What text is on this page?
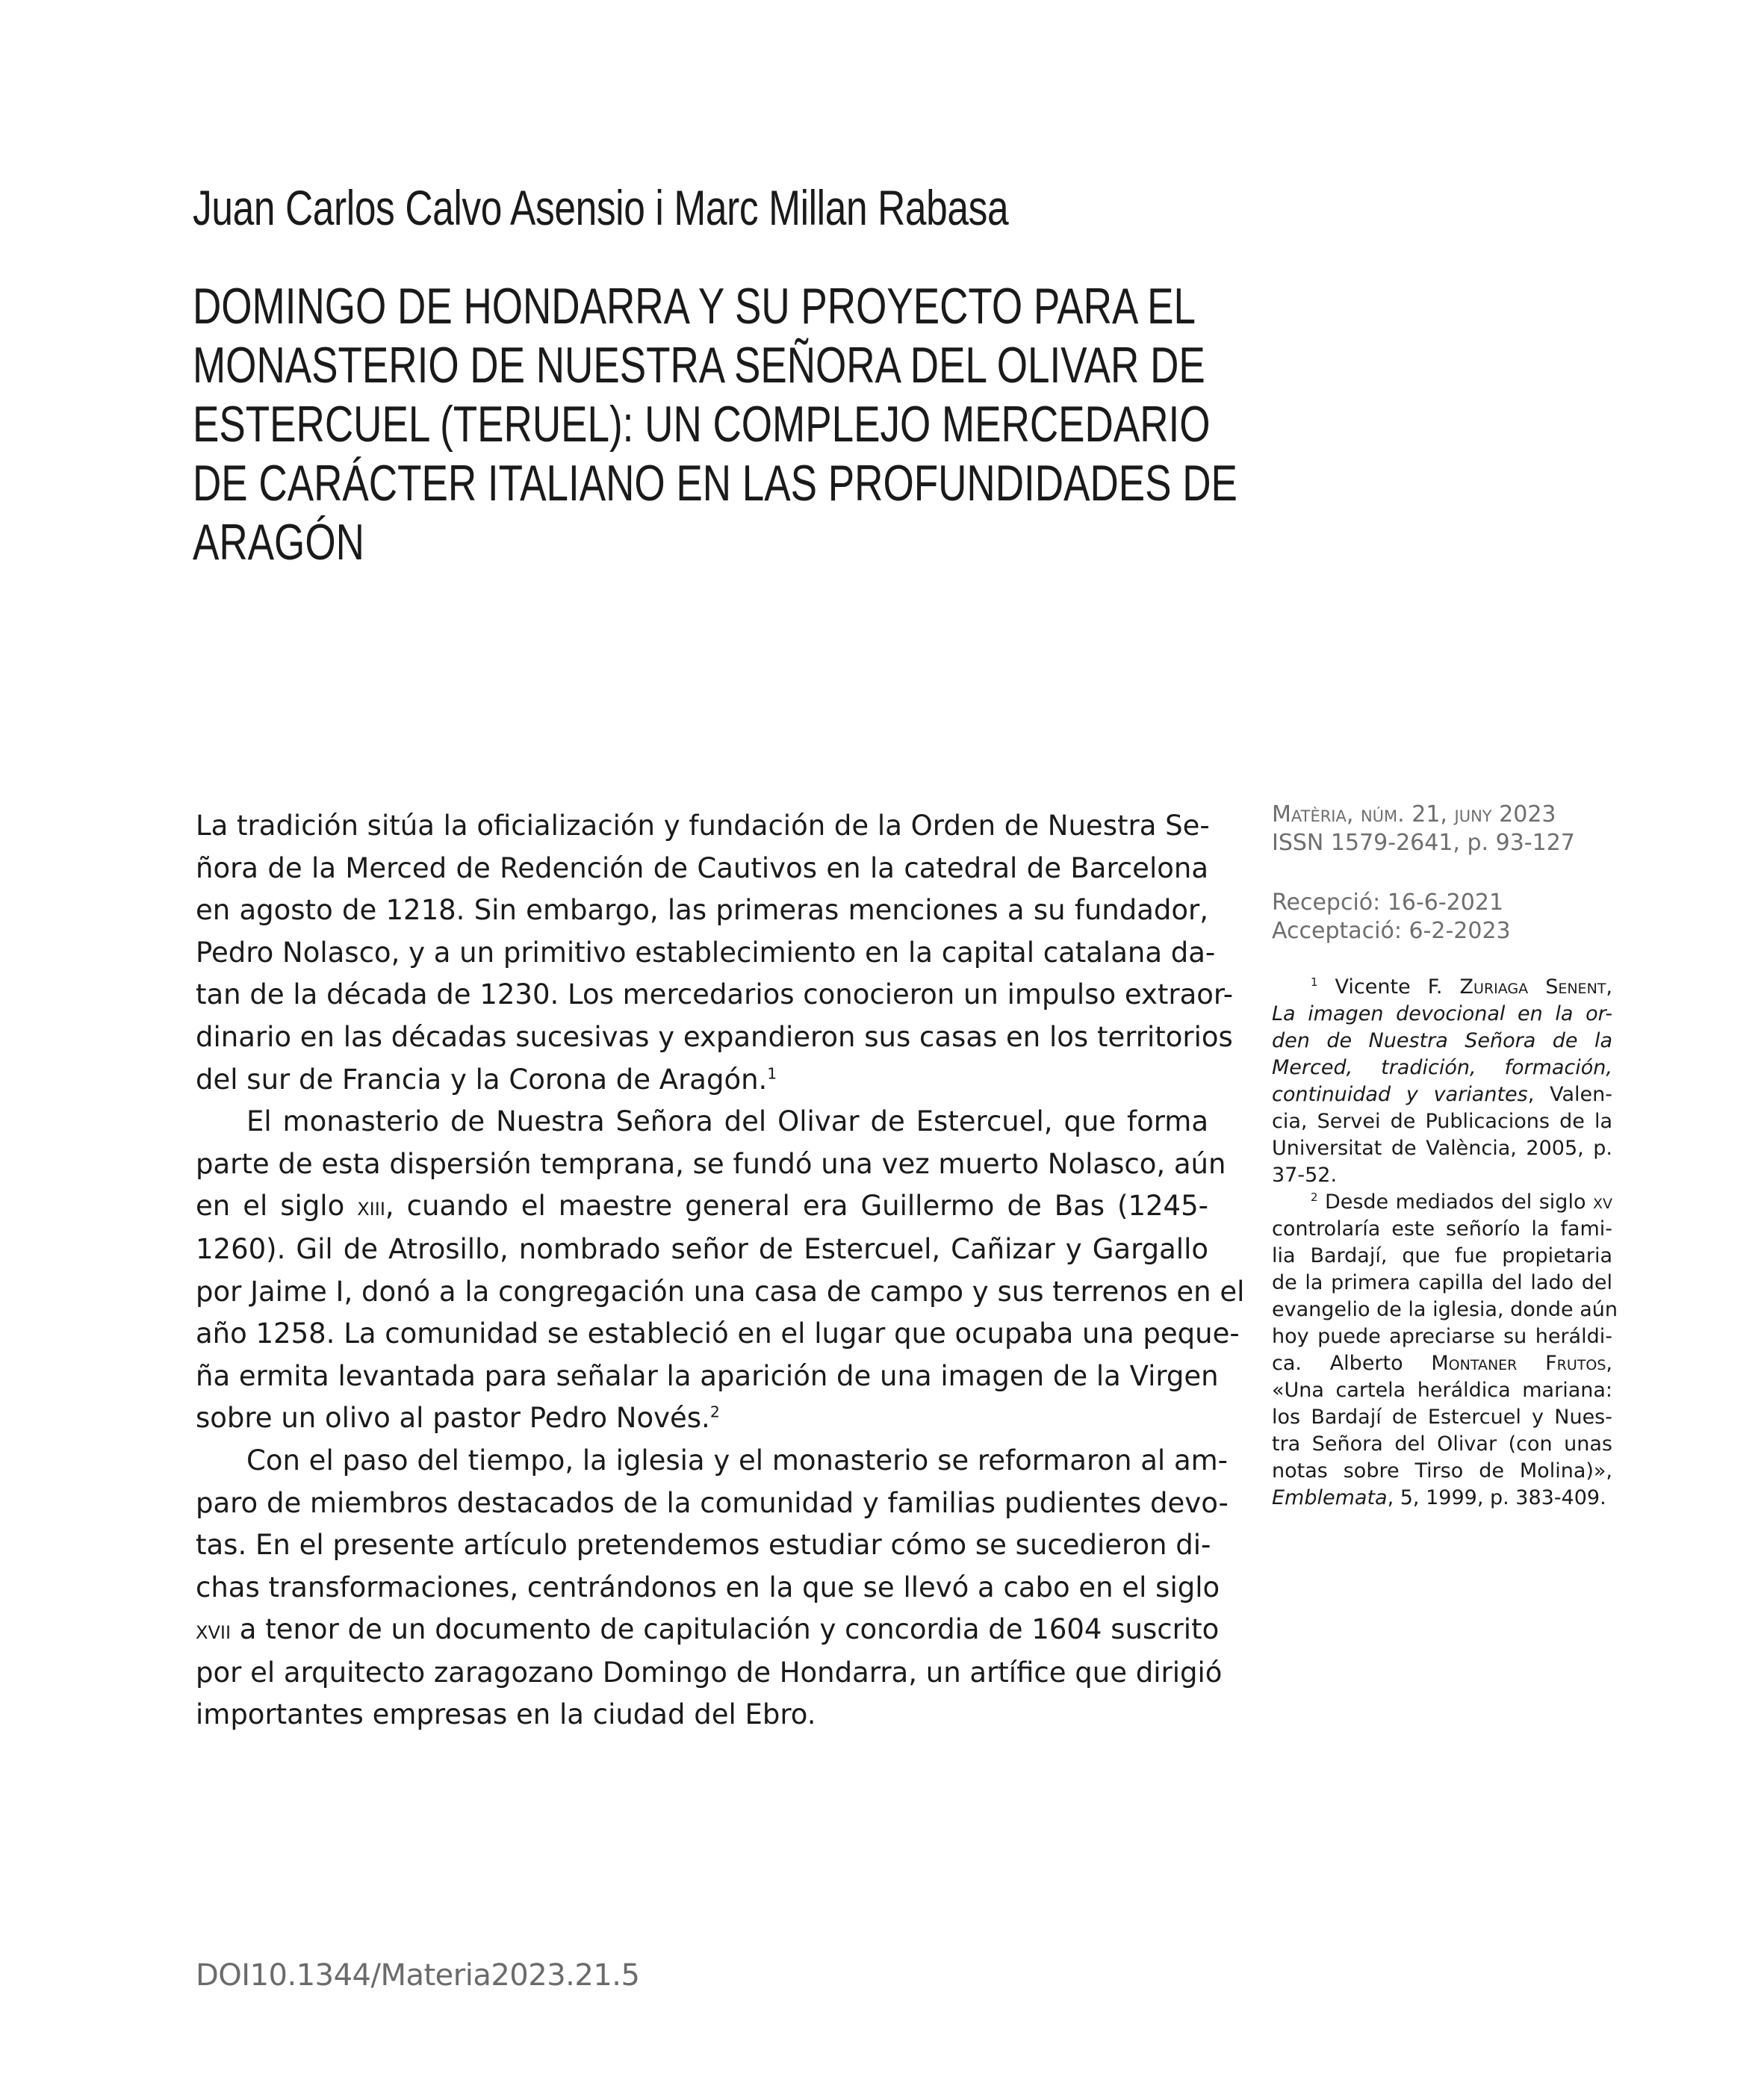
Juan Carlos Calvo Asensio i Marc Millan Rabasa
DOMINGO DE HONDARRA Y SU PROYECTO PARA EL
MONASTERIO DE NUESTRA SEÑORA DEL OLIVAR DE
ESTERCUEL (TERUEL): UN COMPLEJO MERCEDARIO
DE CARÁCTER ITALIANO EN LAS PROFUNDIDADES DE
ARAGÓN
La tradición sitúa la oficialización y fundación de la Orden de Nuestra Se-
ñora de la Merced de Redención de Cautivos en la catedral de Barcelona
en agosto de 1218. Sin embargo, las primeras menciones a su fundador,
Pedro Nolasco, y a un primitivo establecimiento en la capital catalana da-
tan de la década de 1230. Los mercedarios conocieron un impulso extraor-
dinario en las décadas sucesivas y expandieron sus casas en los territorios
del sur de Francia y la Corona de Aragón.$^1$
El monasterio de Nuestra Señora del Olivar de Estercuel, que forma
parte de esta dispersión temprana, se fundó una vez muerto Nolasco, aún
en el siglo xiii, cuando el maestre general era Guillermo de Bas (1245-
1260). Gil de Atrosillo, nombrado señor de Estercuel, Cañizar y Gargallo
por Jaime I, donó a la congregación una casa de campo y sus terrenos en el
año 1258. La comunidad se estableció en el lugar que ocupaba una peque-
ña ermita levantada para señalar la aparición de una imagen de la Virgen
sobre un olivo al pastor Pedro Novés.$^2$
Con el paso del tiempo, la iglesia y el monasterio se reformaron al am-
paro de miembros destacados de la comunidad y familias pudientes devo-
tas. En el presente artículo pretendemos estudiar cómo se sucedieron di-
chas transformaciones, centrándonos en la que se llevó a cabo en el siglo
xvii a tenor de un documento de capitulación y concordia de 1604 suscrito
por el arquitecto zaragozano Domingo de Hondarra, un artífice que dirigió
importantes empresas en la ciudad del Ebro.
Matèria, núm. 21, juny 2023
ISSN 1579-2641, p. 93-127
Recepció: 16-6-2021
Acceptació: 6-2-2023
$^1$ Vicente F. Zuriaga Senent,
La imagen devocional en la or-
den de Nuestra Señora de la
Merced, tradición, formación,
continuidad y variantes, Valen-
cia, Servei de Publicacions de la
Universitat de València, 2005, p.
37-52.
$^2$ Desde mediados del siglo xv
controlaría este señorío la fami-
lia Bardají, que fue propietaria
de la primera capilla del lado del
evangelio de la iglesia, donde aún
hoy puede apreciarse su heráldi-
ca. Alberto Montaner Frutos,
«Una cartela heráldica mariana:
los Bardají de Estercuel y Nues-
tra Señora del Olivar (con unas
notas sobre Tirso de Molina)»,
Emblemata, 5, 1999, p. 383-409.
DOI10.1344/Materia2023.21.5
